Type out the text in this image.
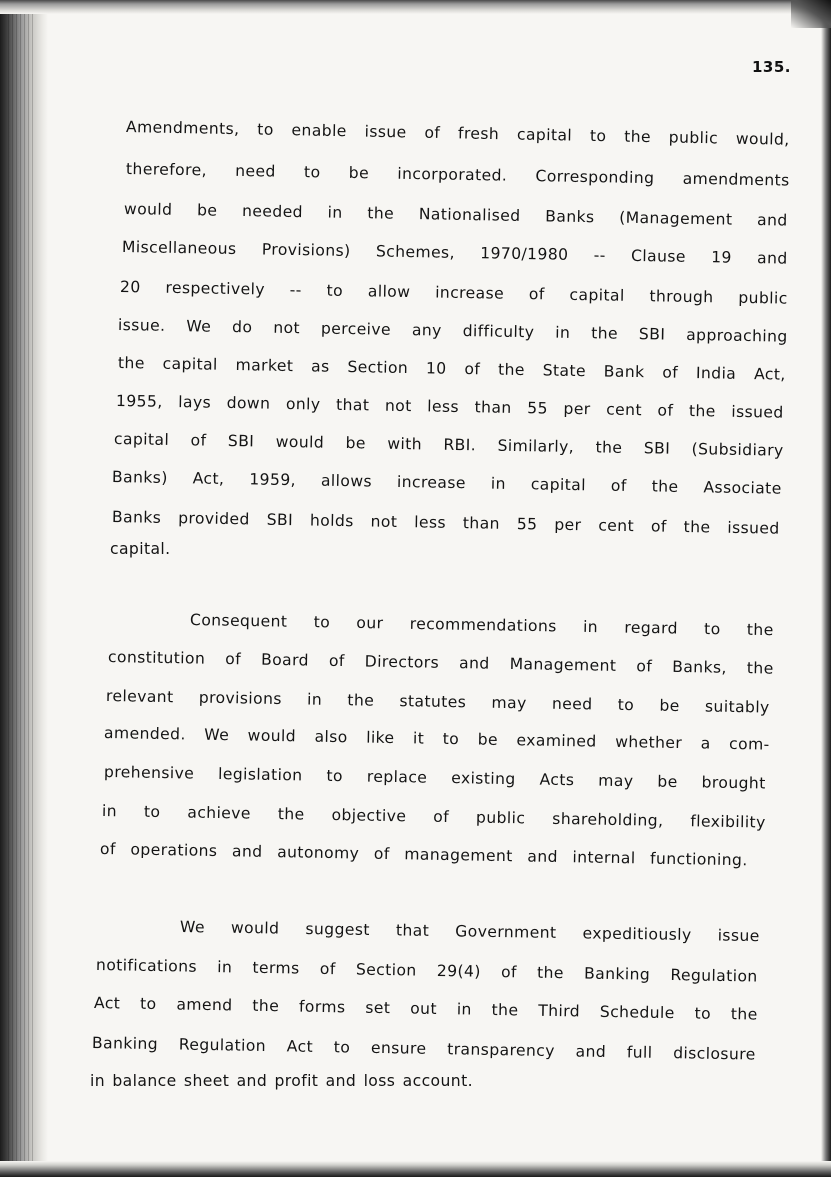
135.
Amendments, to enable issue of fresh capital to the public would,
therefore, need to be incorporated. Corresponding amendments
would be needed in the Nationalised Banks (Management and
Miscellaneous Provisions) Schemes, 1970/1980 -- Clause 19 and
20 respectively -- to allow increase of capital through public
issue. We do not perceive any difficulty in the SBI approaching
the capital market as Section 10 of the State Bank of India Act,
1955, lays down only that not less than 55 per cent of the issued
capital of SBI would be with RBI. Similarly, the SBI (Subsidiary
Banks) Act, 1959, allows increase in capital of the Associate
Banks provided SBI holds not less than 55 per cent of the issued
capital.
Consequent to our recommendations in regard to the
constitution of Board of Directors and Management of Banks, the
relevant provisions in the statutes may need to be suitably
amended. We would also like it to be examined whether a com-
prehensive legislation to replace existing Acts may be brought
in to achieve the objective of public shareholding, flexibility
of operations and autonomy of management and internal functioning.
We would suggest that Government expeditiously issue
notifications in terms of Section 29(4) of the Banking Regulation
Act to amend the forms set out in the Third Schedule to the
Banking Regulation Act to ensure transparency and full disclosure
in balance sheet and profit and loss account.
